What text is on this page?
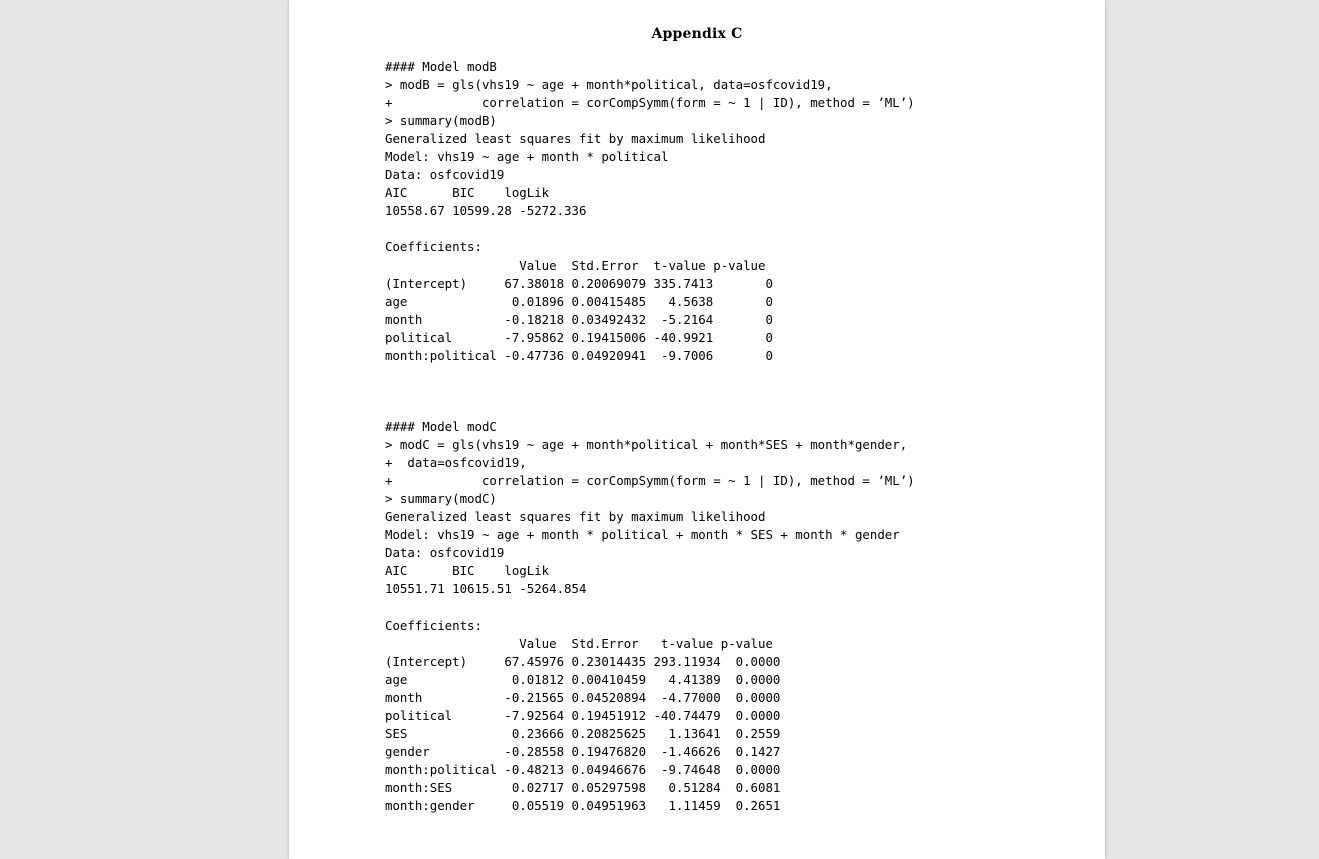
Appendix C
#### Model modB
> modB = gls(vhs19 ~ age + month*political, data=osfcovid19,
+            correlation = corCompSymm(form = ~ 1 | ID), method = ’ML’)
> summary(modB)
Generalized least squares fit by maximum likelihood
Model: vhs19 ~ age + month * political
Data: osfcovid19
AIC      BIC    logLik
10558.67 10599.28 -5272.336
Coefficients:
Value  Std.Error  t-value p-value
(Intercept)     67.38018 0.20069079 335.7413       0
age              0.01896 0.00415485   4.5638       0
month           -0.18218 0.03492432  -5.2164       0
political       -7.95862 0.19415006 -40.9921       0
month:political -0.47736 0.04920941  -9.7006       0
#### Model modC
> modC = gls(vhs19 ~ age + month*political + month*SES + month*gender,
+  data=osfcovid19,
+            correlation = corCompSymm(form = ~ 1 | ID), method = ’ML’)
> summary(modC)
Generalized least squares fit by maximum likelihood
Model: vhs19 ~ age + month * political + month * SES + month * gender
Data: osfcovid19
AIC      BIC    logLik
10551.71 10615.51 -5264.854
Coefficients:
Value  Std.Error   t-value p-value
(Intercept)     67.45976 0.23014435 293.11934  0.0000
age              0.01812 0.00410459   4.41389  0.0000
month           -0.21565 0.04520894  -4.77000  0.0000
political       -7.92564 0.19451912 -40.74479  0.0000
SES              0.23666 0.20825625   1.13641  0.2559
gender          -0.28558 0.19476820  -1.46626  0.1427
month:political -0.48213 0.04946676  -9.74648  0.0000
month:SES        0.02717 0.05297598   0.51284  0.6081
month:gender     0.05519 0.04951963   1.11459  0.2651
